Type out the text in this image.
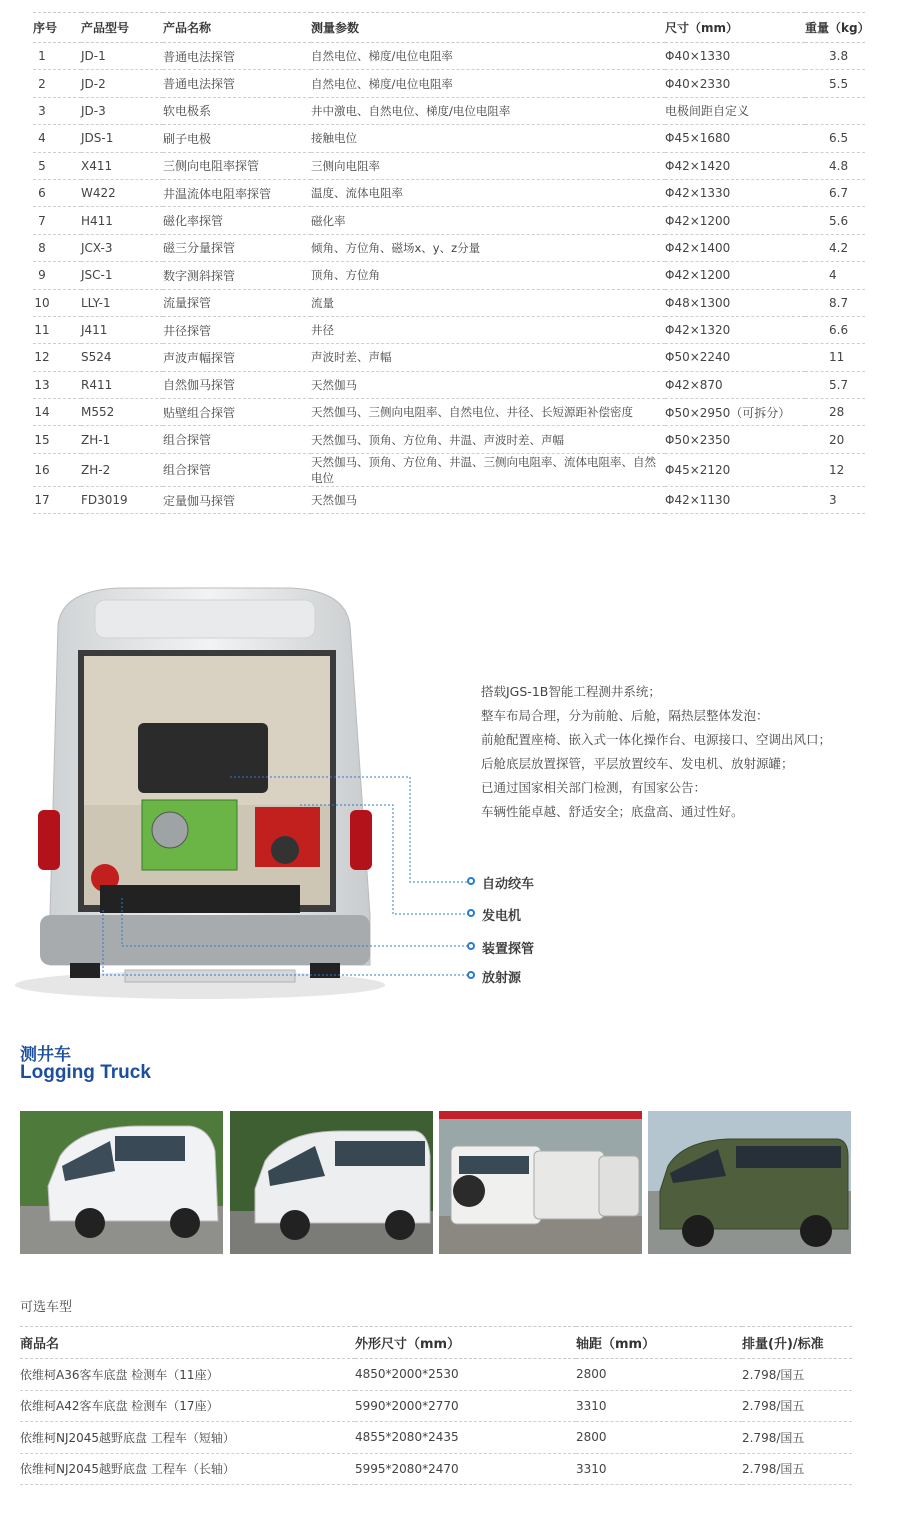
序号	产品型号	产品名称	测量参数	尺寸（mm）	重量（kg）
1	JD-1	普通电法探管	自然电位、梯度/电位电阻率	Φ40×1330	3.8
2	JD-2	普通电法探管	自然电位、梯度/电位电阻率	Φ40×2330	5.5
3	JD-3	软电极系	井中激电、自然电位、梯度/电位电阻率	电极间距自定义	
4	JDS-1	刷子电极	接触电位	Φ45×1680	6.5
5	X411	三侧向电阻率探管	三侧向电阻率	Φ42×1420	4.8
6	W422	井温流体电阻率探管	温度、流体电阻率	Φ42×1330	6.7
7	H411	磁化率探管	磁化率	Φ42×1200	5.6
8	JCX-3	磁三分量探管	倾角、方位角、磁场x、y、z分量	Φ42×1400	4.2
9	JSC-1	数字测斜探管	顶角、方位角	Φ42×1200	4
10	LLY-1	流量探管	流量	Φ48×1300	8.7
11	J411	井径探管	井径	Φ42×1320	6.6
12	S524	声波声幅探管	声波时差、声幅	Φ50×2240	11
13	R411	自然伽马探管	天然伽马	Φ42×870	5.7
14	M552	贴壁组合探管	天然伽马、三侧向电阻率、自然电位、井径、长短源距补偿密度	Φ50×2950（可拆分）	28
15	ZH-1	组合探管	天然伽马、顶角、方位角、井温、声波时差、声幅	Φ50×2350	20
16	ZH-2	组合探管	天然伽马、顶角、方位角、井温、三侧向电阻率、流体电阻率、自然电位	Φ45×2120	12
17	FD3019	定量伽马探管	天然伽马	Φ42×1130	3
搭载JGS-1B智能工程测井系统；
整车布局合理，分为前舱、后舱，隔热层整体发泡：
前舱配置座椅、嵌入式一体化操作台、电源接口、空调出风口；
后舱底层放置探管，平层放置绞车、发电机、放射源罐；
已通过国家相关部门检测，有国家公告：
车辆性能卓越、舒适安全；底盘高、通过性好。
自动绞车
发电机
装置探管
放射源
测井车
Logging Truck
可选车型
商品名	外形尺寸（mm）	轴距（mm）	排量(升)/标准
依维柯A36客车底盘 检测车（11座）	4850*2000*2530	2800	2.798/国五
依维柯A42客车底盘 检测车（17座）	5990*2000*2770	3310	2.798/国五
依维柯NJ2045越野底盘 工程车（短轴）	4855*2080*2435	2800	2.798/国五
依维柯NJ2045越野底盘 工程车（长轴）	5995*2080*2470	3310	2.798/国五
